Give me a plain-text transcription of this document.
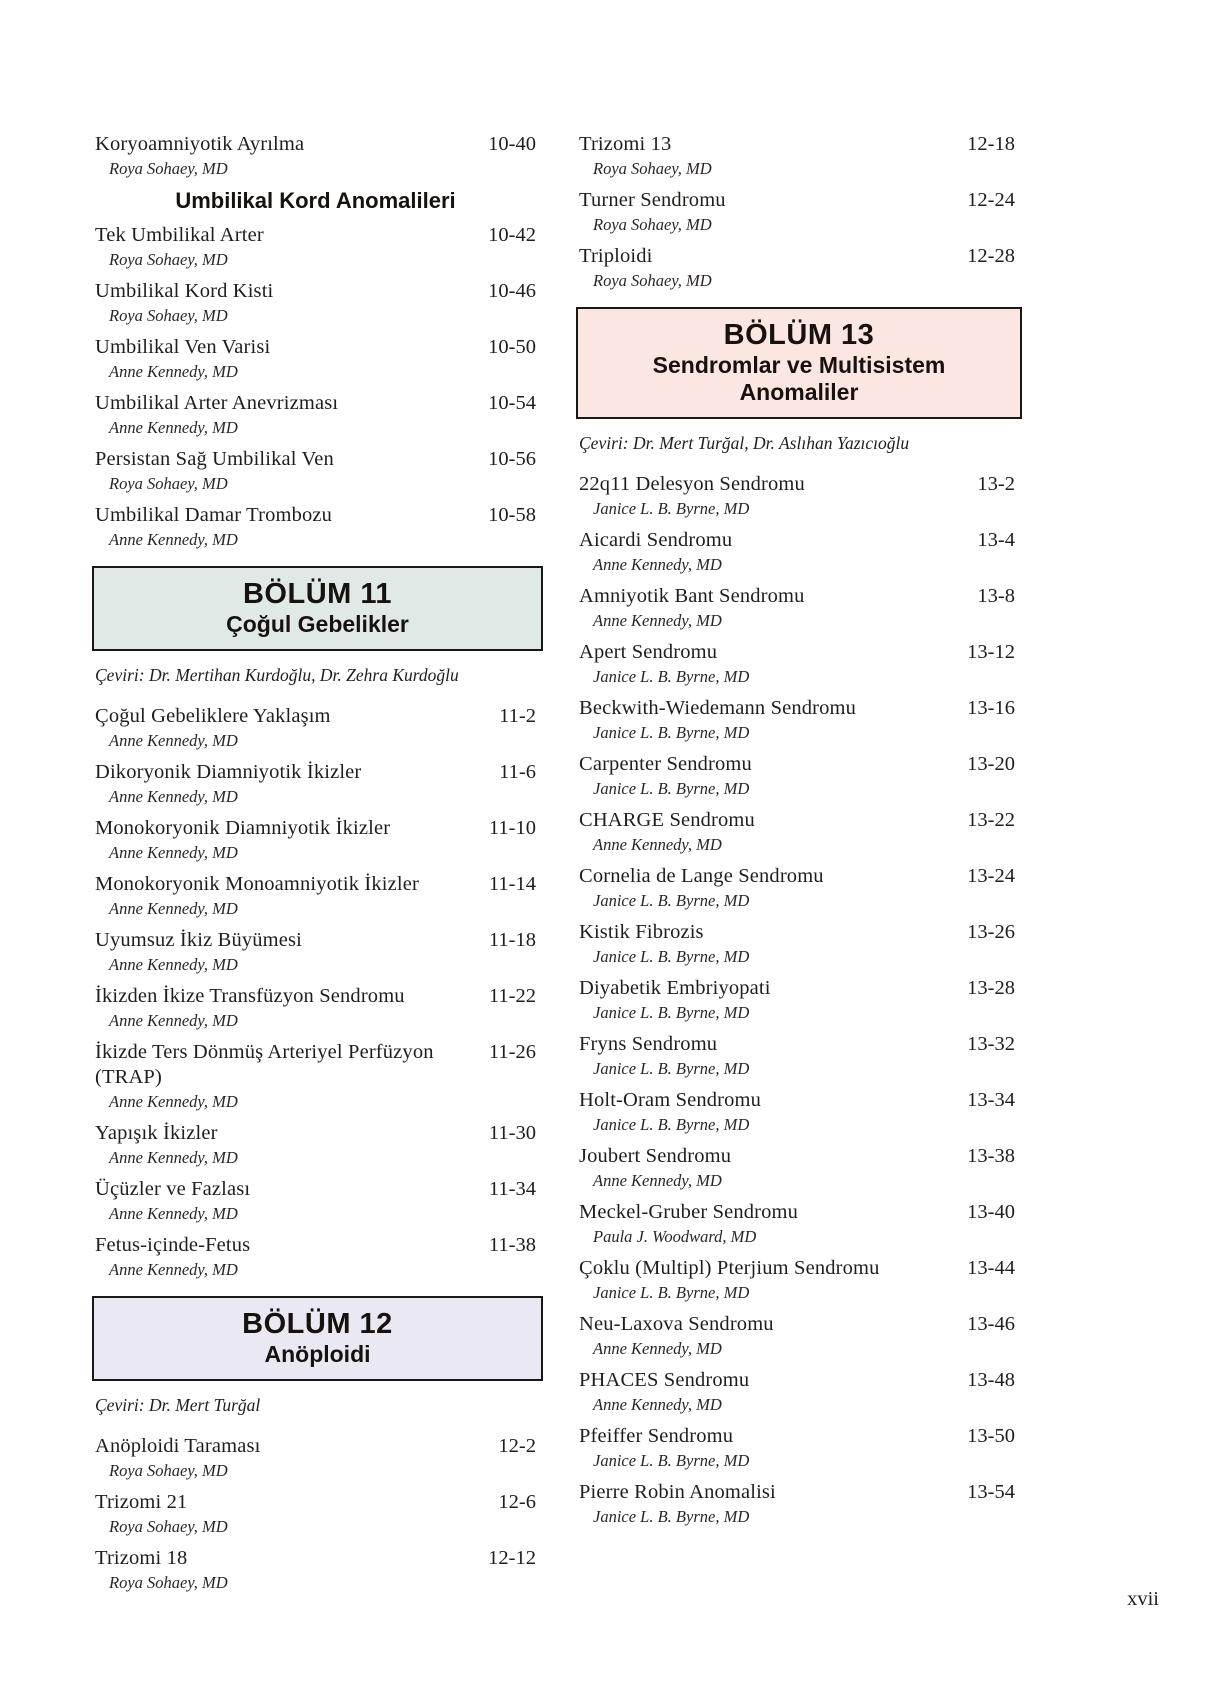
Koryoamniyotik Ayrılma	10-40
Roya Sohaey, MD
Umbilikal Kord Anomalileri
Tek Umbilikal Arter	10-42
Roya Sohaey, MD
Umbilikal Kord Kisti	10-46
Roya Sohaey, MD
Umbilikal Ven Varisi	10-50
Anne Kennedy, MD
Umbilikal Arter Anevrizması	10-54
Anne Kennedy, MD
Persistan Sağ Umbilikal Ven	10-56
Roya Sohaey, MD
Umbilikal Damar Trombozu	10-58
Anne Kennedy, MD
BÖLÜM 11
Çoğul Gebelikler
Çeviri: Dr. Mertihan Kurdoğlu, Dr. Zehra Kurdoğlu
Çoğul Gebeliklere Yaklaşım	11-2
Anne Kennedy, MD
Dikoryonik Diamniyotik İkizler	11-6
Anne Kennedy, MD
Monokoryonik Diamniyotik İkizler	11-10
Anne Kennedy, MD
Monokoryonik Monoamniyotik İkizler	11-14
Anne Kennedy, MD
Uyumsuz İkiz Büyümesi	11-18
Anne Kennedy, MD
İkizden İkize Transfüzyon Sendromu	11-22
Anne Kennedy, MD
İkizde Ters Dönmüş Arteriyel Perfüzyon (TRAP)
11-26
Anne Kennedy, MD
Yapışık İkizler	11-30
Anne Kennedy, MD
Üçüzler ve Fazlası	11-34
Anne Kennedy, MD
Fetus-içinde-Fetus	11-38
Anne Kennedy, MD
BÖLÜM 12
Anöploidi
Çeviri: Dr. Mert Turğal
Anöploidi Taraması	12-2
Roya Sohaey, MD
Trizomi 21	12-6
Roya Sohaey, MD
Trizomi 18	12-12
Roya Sohaey, MD
Trizomi 13	12-18
Roya Sohaey, MD
Turner Sendromu	12-24
Roya Sohaey, MD
Triploidi	12-28
Roya Sohaey, MD
BÖLÜM 13
Sendromlar ve Multisistem
Anomaliler
Çeviri: Dr. Mert Turğal, Dr. Aslıhan Yazıcıoğlu
22q11 Delesyon Sendromu	13-2
Janice L. B. Byrne, MD
Aicardi Sendromu	13-4
Anne Kennedy, MD
Amniyotik Bant Sendromu	13-8
Anne Kennedy, MD
Apert Sendromu	13-12
Janice L. B. Byrne, MD
Beckwith-Wiedemann Sendromu	13-16
Janice L. B. Byrne, MD
Carpenter Sendromu	13-20
Janice L. B. Byrne, MD
CHARGE Sendromu	13-22
Anne Kennedy, MD
Cornelia de Lange Sendromu	13-24
Janice L. B. Byrne, MD
Kistik Fibrozis	13-26
Janice L. B. Byrne, MD
Diyabetik Embriyopati	13-28
Janice L. B. Byrne, MD
Fryns Sendromu	13-32
Janice L. B. Byrne, MD
Holt-Oram Sendromu	13-34
Janice L. B. Byrne, MD
Joubert Sendromu	13-38
Anne Kennedy, MD
Meckel-Gruber Sendromu	13-40
Paula J. Woodward, MD
Çoklu (Multipl) Pterjium Sendromu	13-44
Janice L. B. Byrne, MD
Neu-Laxova Sendromu	13-46
Anne Kennedy, MD
PHACES Sendromu	13-48
Anne Kennedy, MD
Pfeiffer Sendromu	13-50
Janice L. B. Byrne, MD
Pierre Robin Anomalisi	13-54
Janice L. B. Byrne, MD
xvii
